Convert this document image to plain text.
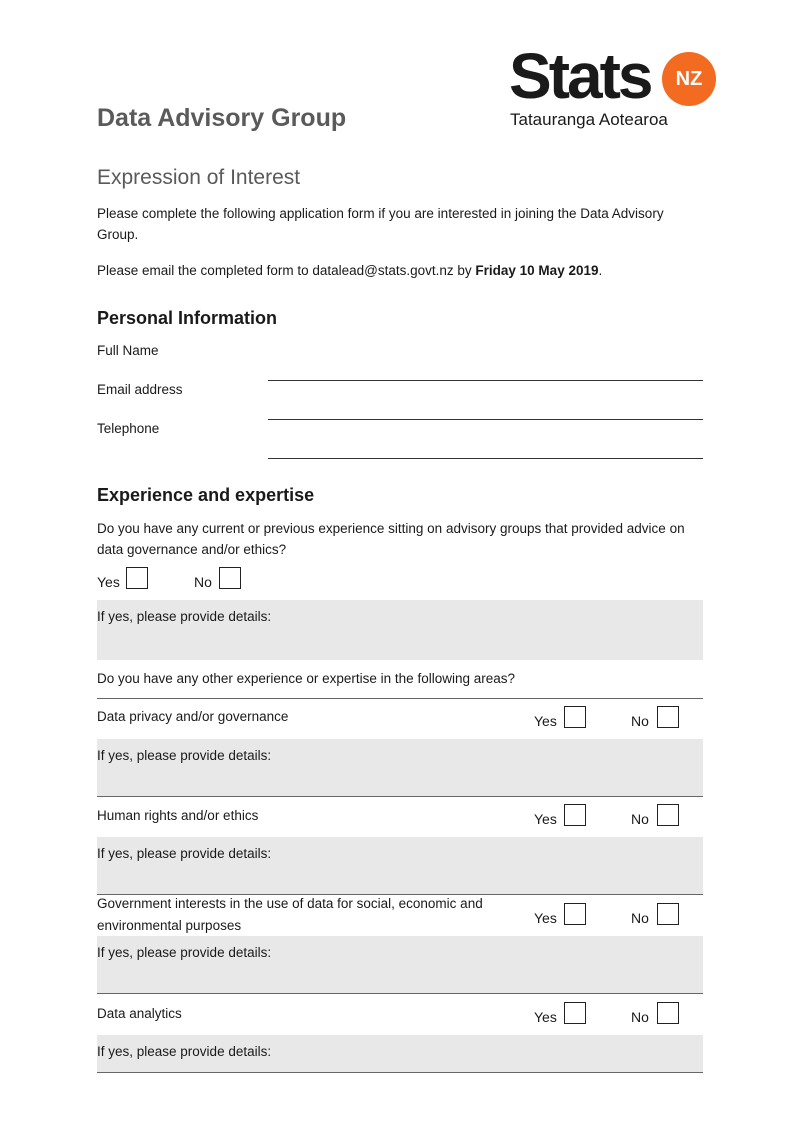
Stats	NZ
Tatauranga Aotearoa
Data Advisory Group
Expression of Interest
Please complete the following application form if you are interested in joining the Data Advisory Group.
Please email the completed form to datalead@stats.govt.nz by Friday 10 May 2019.
Personal Information
Full Name
Email address
Telephone
Experience and expertise
Do you have any current or previous experience sitting on advisory groups that provided advice on data governance and/or ethics?
Yes	No
If yes, please provide details:
Do you have any other experience or expertise in the following areas?
Data privacy and/or governance	Yes	No
If yes, please provide details:
Human rights and/or ethics	Yes	No
If yes, please provide details:
Government interests in the use of data for social, economic and environmental purposes	Yes	No
If yes, please provide details:
Data analytics	Yes	No
If yes, please provide details:
